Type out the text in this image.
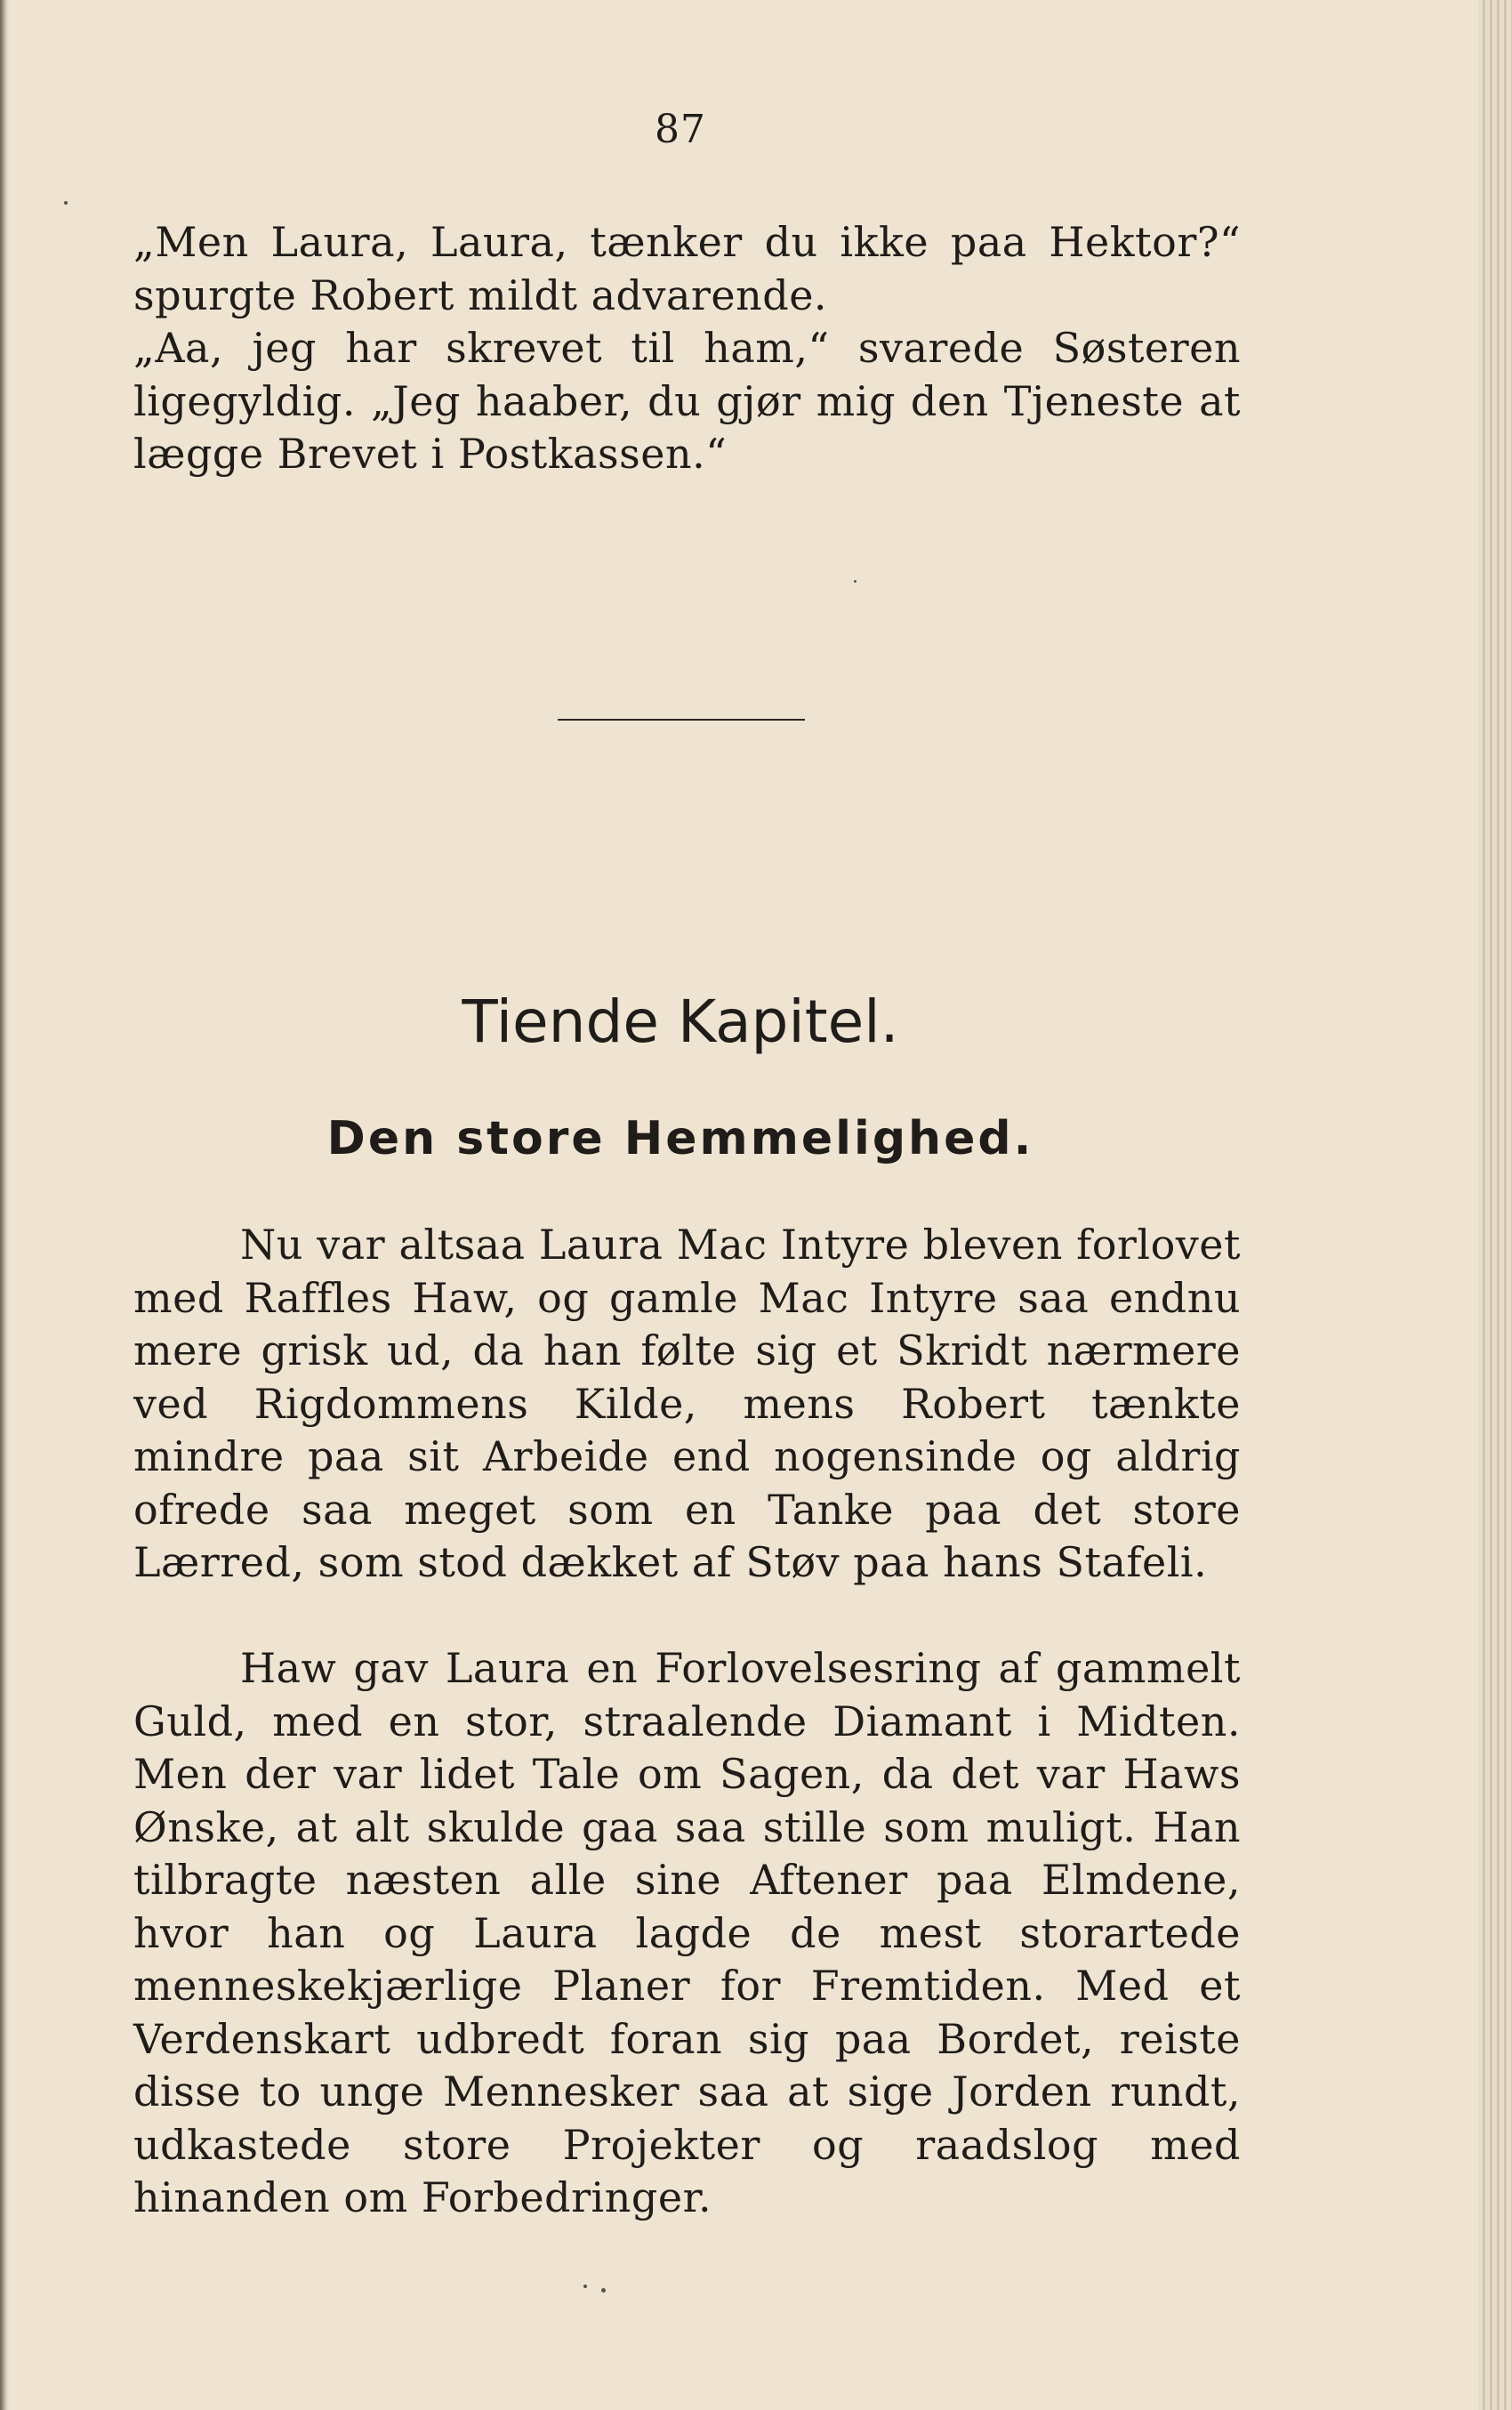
87

„Men Laura, Laura, tænker du ikke paa Hektor?“ spurgte Robert mildt advarende.

„Aa, jeg har skrevet til ham,“ svarede Søsteren ligegyldig. „Jeg haaber, du gjør mig den Tjeneste at lægge Brevet i Postkassen.“

Tiende Kapitel.
Den store Hemmelighed.

Nu var altsaa Laura Mac Intyre bleven forlovet med Raffles Haw, og gamle Mac Intyre saa endnu mere grisk ud, da han følte sig et Skridt nærmere ved Rigdommens Kilde, mens Robert tænkte mindre paa sit Arbeide end nogensinde og aldrig ofrede saa meget som en Tanke paa det store Lærred, som stod dækket af Støv paa hans Stafeli.

Haw gav Laura en Forlovelsesring af gammelt Guld, med en stor, straalende Diamant i Midten. Men der var lidet Tale om Sagen, da det var Haws Ønske, at alt skulde gaa saa stille som muligt. Han tilbragte næsten alle sine Aftener paa Elmdene, hvor han og Laura lagde de mest storartede menneskekjærlige Planer for Fremtiden. Med et Verdenskart udbredt foran sig paa Bordet, reiste disse to unge Mennesker saa at sige Jorden rundt, udkastede store Projekter og raadslog med hinanden om Forbedringer.
